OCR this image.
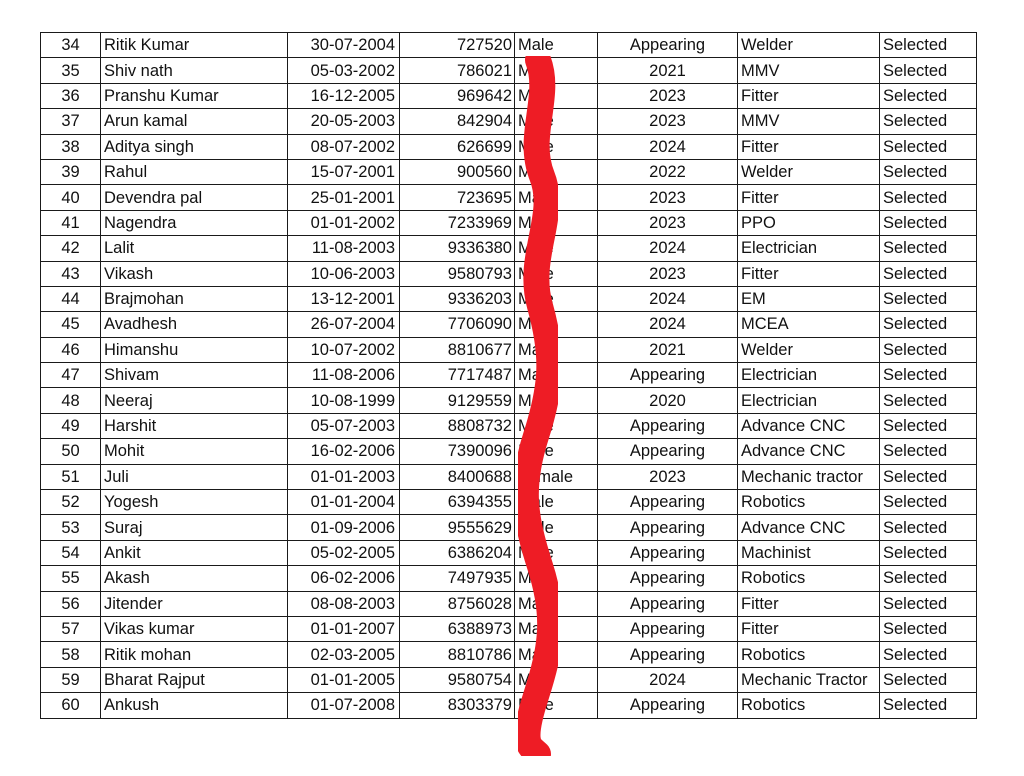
34	Ritik Kumar	30-07-2004	727520	Male	Appearing	Welder	Selected
35	Shiv nath	05-03-2002	786021	Male	2021	MMV	Selected
36	Pranshu Kumar	16-12-2005	969642	Male	2023	Fitter	Selected
37	Arun kamal	20-05-2003	842904	Male	2023	MMV	Selected
38	Aditya singh	08-07-2002	626699	Male	2024	Fitter	Selected
39	Rahul	15-07-2001	900560	Male	2022	Welder	Selected
40	Devendra pal	25-01-2001	723695	Male	2023	Fitter	Selected
41	Nagendra	01-01-2002	7233969	Male	2023	PPO	Selected
42	Lalit	11-08-2003	9336380	Male	2024	Electrician	Selected
43	Vikash	10-06-2003	9580793	Male	2023	Fitter	Selected
44	Brajmohan	13-12-2001	9336203	Male	2024	EM	Selected
45	Avadhesh	26-07-2004	7706090	Male	2024	MCEA	Selected
46	Himanshu	10-07-2002	8810677	Male	2021	Welder	Selected
47	Shivam	11-08-2006	7717487	Male	Appearing	Electrician	Selected
48	Neeraj	10-08-1999	9129559	Male	2020	Electrician	Selected
49	Harshit	05-07-2003	8808732	Male	Appearing	Advance CNC	Selected
50	Mohit	16-02-2006	7390096	Male	Appearing	Advance CNC	Selected
51	Juli	01-01-2003	8400688	Female	2023	Mechanic tractor	Selected
52	Yogesh	01-01-2004	6394355	Male	Appearing	Robotics	Selected
53	Suraj	01-09-2006	9555629	Male	Appearing	Advance CNC	Selected
54	Ankit	05-02-2005	6386204	Male	Appearing	Machinist	Selected
55	Akash	06-02-2006	7497935	Male	Appearing	Robotics	Selected
56	Jitender	08-08-2003	8756028	Male	Appearing	Fitter	Selected
57	Vikas kumar	01-01-2007	6388973	Male	Appearing	Fitter	Selected
58	Ritik mohan	02-03-2005	8810786	Male	Appearing	Robotics	Selected
59	Bharat Rajput	01-01-2005	9580754	Male	2024	Mechanic Tractor	Selected
60	Ankush	01-07-2008	8303379	Male	Appearing	Robotics	Selected
